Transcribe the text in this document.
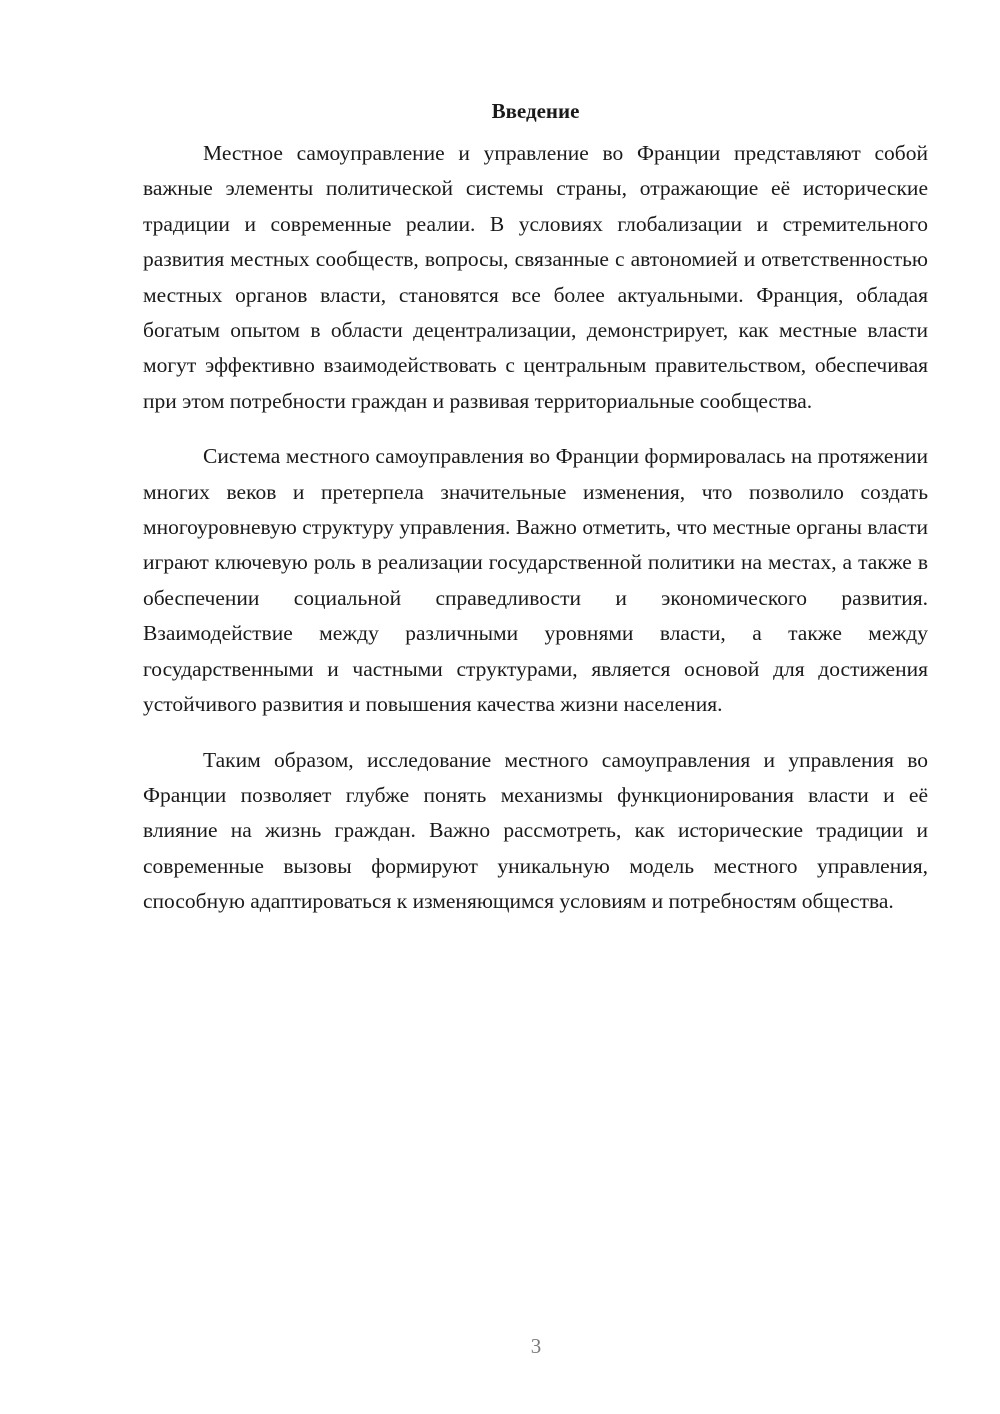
Введение

Местное самоуправление и управление во Франции представляют собой важные элементы политической системы страны, отражающие её исторические традиции и современные реалии. В условиях глобализации и стремительного развития местных сообществ, вопросы, связанные с автономией и ответственностью местных органов власти, становятся все более актуальными. Франция, обладая богатым опытом в области децентрализации, демонстрирует, как местные власти могут эффективно взаимодействовать с центральным правительством, обеспечивая при этом потребности граждан и развивая территориальные сообщества.

Система местного самоуправления во Франции формировалась на протяжении многих веков и претерпела значительные изменения, что позволило создать многоуровневую структуру управления. Важно отметить, что местные органы власти играют ключевую роль в реализации государственной политики на местах, а также в обеспечении социальной справедливости и экономического развития. Взаимодействие между различными уровнями власти, а также между государственными и частными структурами, является основой для достижения устойчивого развития и повышения качества жизни населения.

Таким образом, исследование местного самоуправления и управления во Франции позволяет глубже понять механизмы функционирования власти и её влияние на жизнь граждан. Важно рассмотреть, как исторические традиции и современные вызовы формируют уникальную модель местного управления, способную адаптироваться к изменяющимся условиям и потребностям общества.

3
